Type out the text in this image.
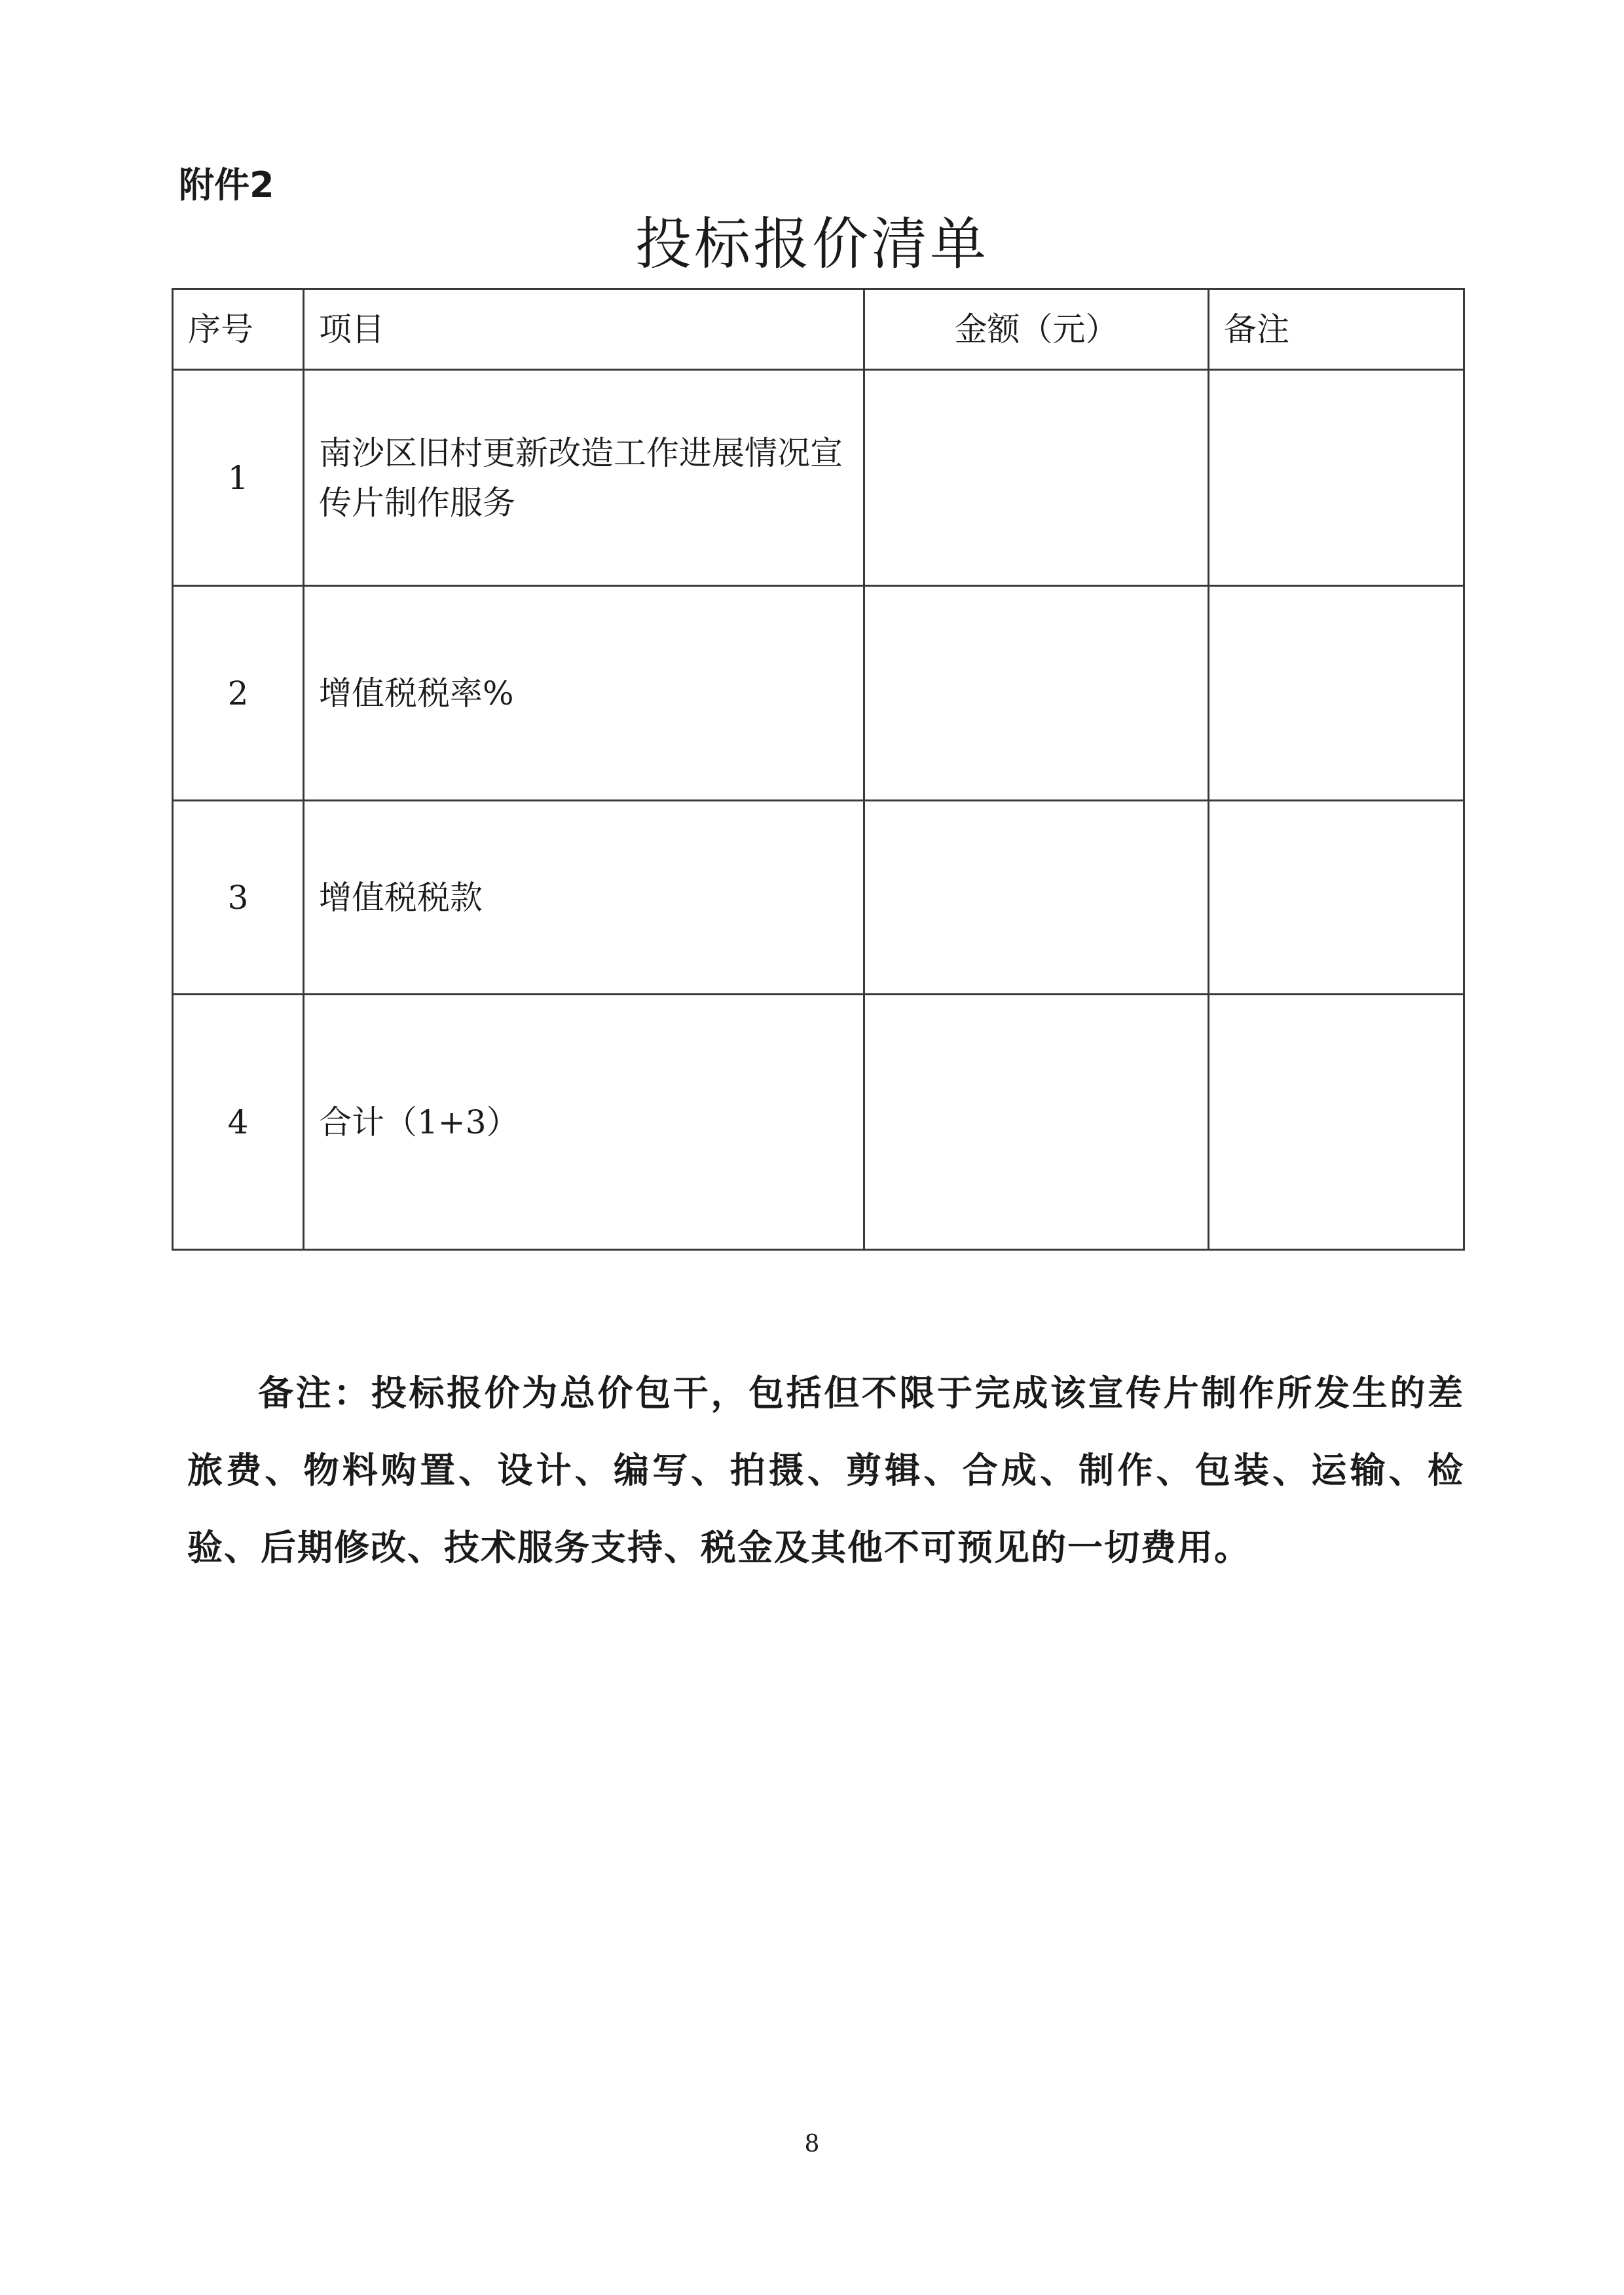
附件2
投标报价清单
序号	项目	金额（元）	备注
1	南沙区旧村更新改造工作进展情况宣传片制作服务		
2	增值税税率%		
3	增值税税款		
4	合计（1+3）		

备注：投标报价为总价包干，包括但不限于完成该宣传片制作所发生的差旅费、物料购置、设计、编写、拍摄、剪辑、合成、制作、包装、运输、检验、后期修改、技术服务支持、税金及其他不可预见的一切费用。

8
